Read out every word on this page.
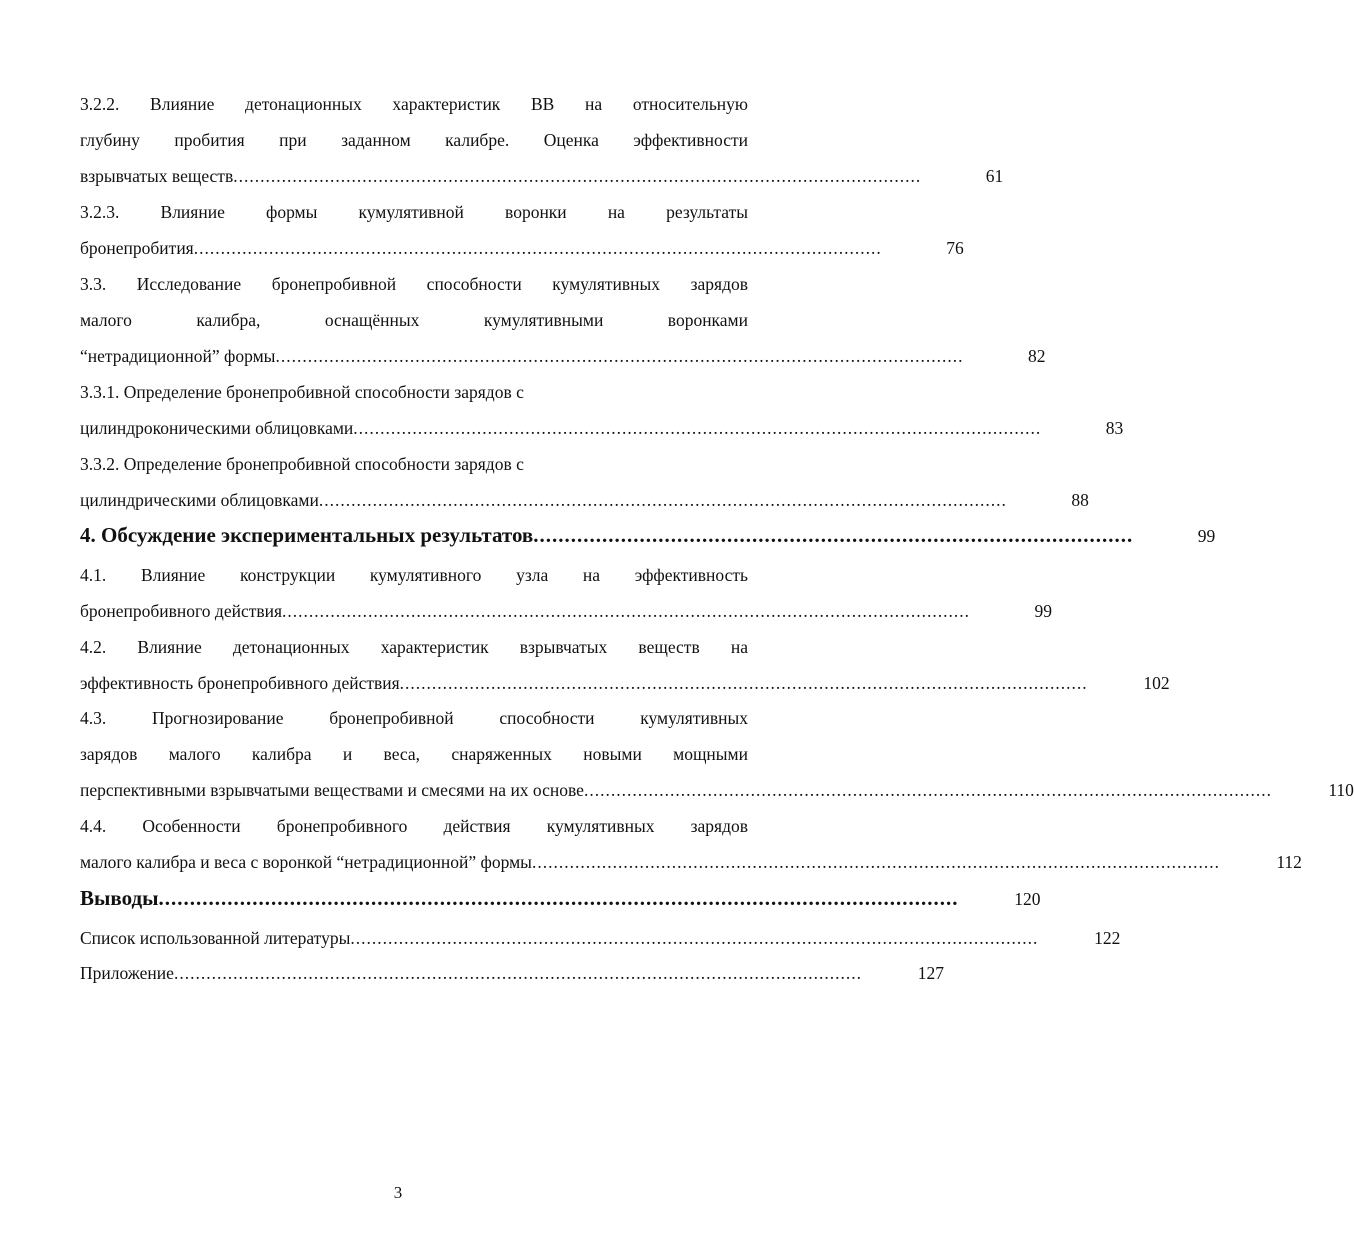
3.2.2. Влияние детонационных характеристик ВВ на относительную
глубину пробития при заданном калибре. Оценка эффективности
взрывчатых веществ ................................................................................................................................	61
3.2.3. Влияние формы кумулятивной воронки на результаты
бронепробития ................................................................................................................................	76
3.3. Исследование бронепробивной способности кумулятивных зарядов
малого калибра, оснащённых кумулятивными воронками
“нетрадиционной” формы ................................................................................................................................	82
3.3.1. Определение бронепробивной способности зарядов с
цилиндроконическими облицовками ................................................................................................................................	83
3.3.2. Определение бронепробивной способности зарядов с
цилиндрическими облицовками ................................................................................................................................	88
4. Обсуждение экспериментальных результатов ................................................................................................	99
4.1. Влияние конструкции кумулятивного узла на эффективность
бронепробивного действия ................................................................................................................................	99
4.2. Влияние детонационных характеристик взрывчатых веществ на
эффективность бронепробивного действия ................................................................................................................................	102
4.3. Прогнозирование бронепробивной способности кумулятивных
зарядов малого калибра и веса, снаряженных новыми мощными
перспективными взрывчатыми веществами и смесями на их основе ................................................................................................................................	110
4.4. Особенности бронепробивного действия кумулятивных зарядов
малого калибра и веса с воронкой “нетрадиционной” формы ................................................................................................................................	112
Выводы ................................................................................................................................	120
Список использованной литературы ................................................................................................................................	122
Приложение ................................................................................................................................	127
3
